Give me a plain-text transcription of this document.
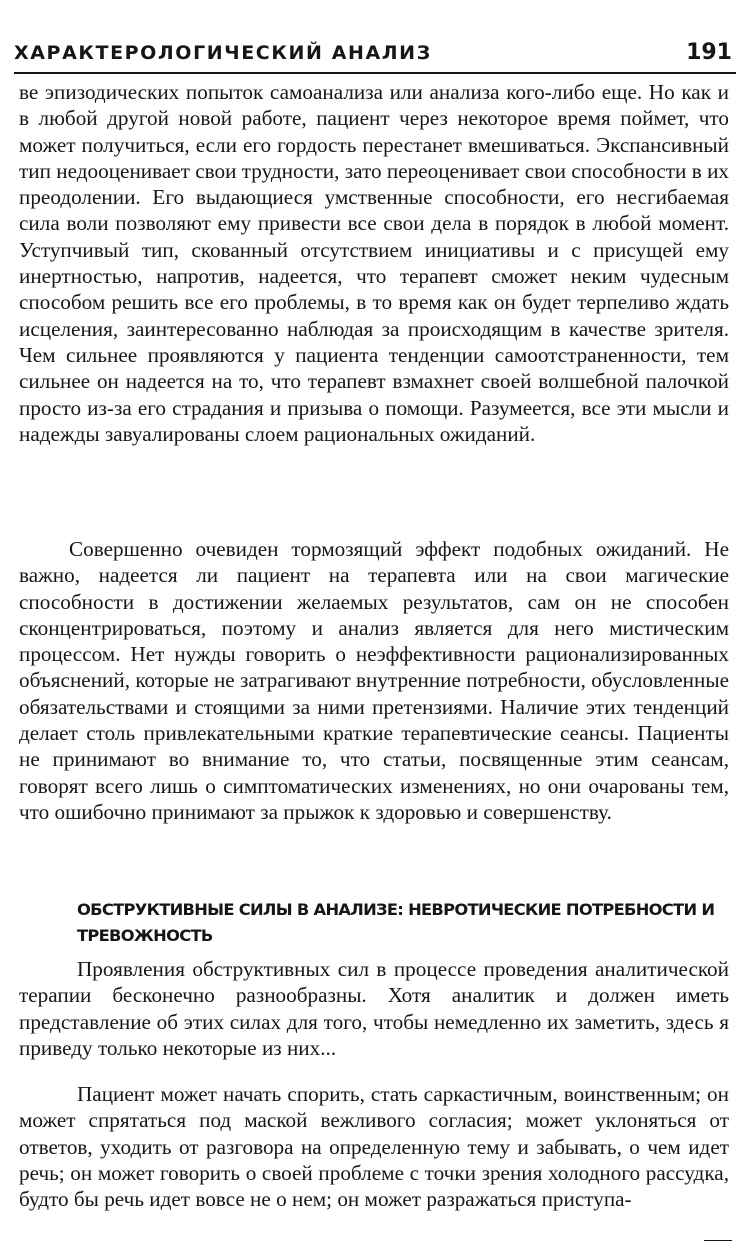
ХАРАКТЕРОЛОГИЧЕСКИЙ АНАЛИЗ	191
ве эпизодических попыток самоанализа или анализа кого-либо еще. Но как и в любой другой новой работе, пациент через некоторое время поймет, что может получиться, если его гордость перестанет вмешиваться. Экспансивный тип недооценивает свои трудности, зато переоценивает свои способности в их преодолении. Его выдающиеся умственные способности, его несгибаемая сила воли позволяют ему привести все свои дела в порядок в любой момент. Уступчивый тип, скованный отсутствием инициативы и с присущей ему инертностью, напротив, надеется, что терапевт сможет неким чудесным способом решить все его проблемы, в то время как он будет терпеливо ждать исцеления, заинтересованно наблюдая за происходящим в качестве зрителя. Чем сильнее проявляются у пациента тенденции самоотстраненности, тем сильнее он надеется на то, что терапевт взмахнет своей волшебной палочкой просто из-за его страдания и призыва о помощи. Разумеется, все эти мысли и надежды завуалированы слоем рациональных ожиданий.
Совершенно очевиден тормозящий эффект подобных ожиданий. Не важно, надеется ли пациент на терапевта или на свои магические способности в достижении желаемых результатов, сам он не способен сконцентрироваться, поэтому и анализ является для него мистическим процессом. Нет нужды говорить о неэффективности рационализированных объяснений, которые не затрагивают внутренние потребности, обусловленные обязательствами и стоящими за ними претензиями. Наличие этих тенденций делает столь привлекательными краткие терапевтические сеансы. Пациенты не принимают во внимание то, что статьи, посвященные этим сеансам, говорят всего лишь о симптоматических изменениях, но они очарованы тем, что ошибочно принимают за прыжок к здоровью и совершенству.
ОБСТРУКТИВНЫЕ СИЛЫ В АНАЛИЗЕ: НЕВРОТИЧЕСКИЕ ПОТРЕБНОСТИ И ТРЕВОЖНОСТЬ
Проявления обструктивных сил в процессе проведения аналитической терапии бесконечно разнообразны. Хотя аналитик и должен иметь представление об этих силах для того, чтобы немедленно их заметить, здесь я приведу только некоторые из них...
Пациент может начать спорить, стать саркастичным, воинственным; он может спрятаться под маской вежливого согласия; может уклоняться от ответов, уходить от разговора на определенную тему и забывать, о чем идет речь; он может говорить о своей проблеме с точки зрения холодного рассудка, будто бы речь идет вовсе не о нем; он может разражаться приступа-
